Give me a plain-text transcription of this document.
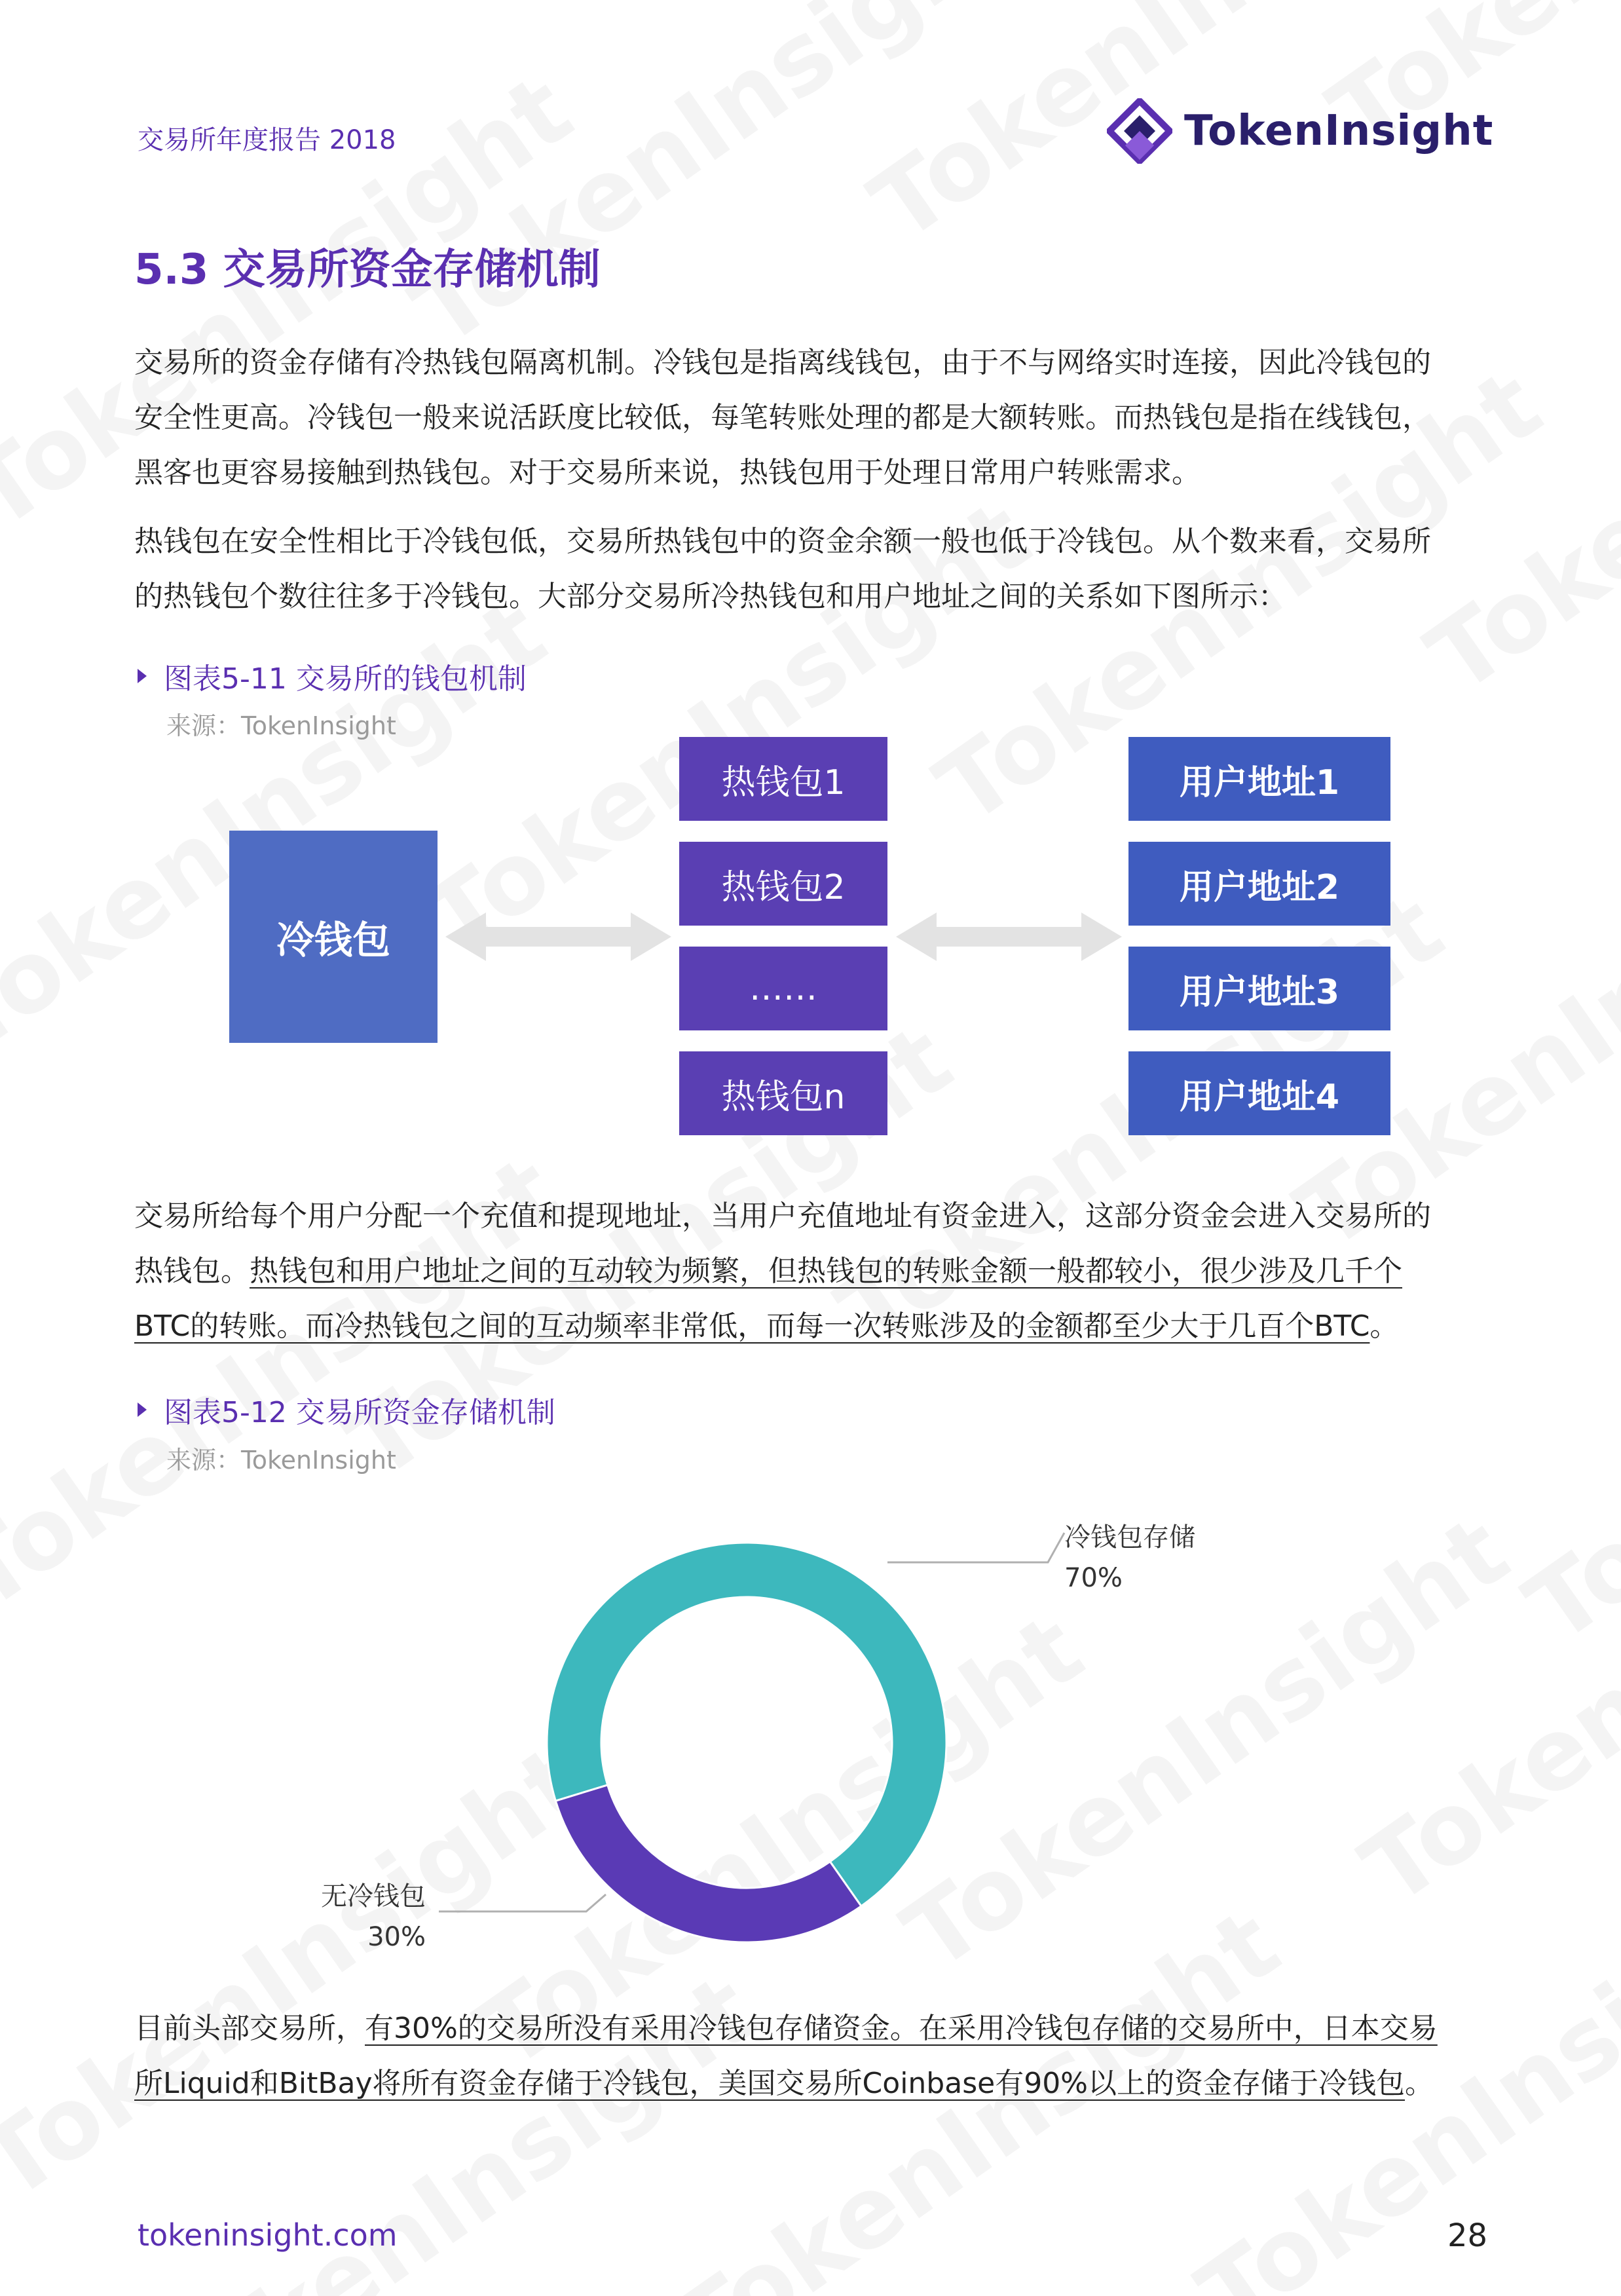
交易所年度报告 2018	TokenInsight
5.3 交易所资金存储机制

交易所的资金存储有冷热钱包隔离机制。冷钱包是指离线钱包，由于不与网络实时连接，因此冷钱包的

安全性更高。冷钱包一般来说活跃度比较低，每笔转账处理的都是大额转账。而热钱包是指在线钱包，

黑客也更容易接触到热钱包。对于交易所来说，热钱包用于处理日常用户转账需求。

热钱包在安全性相比于冷钱包低，交易所热钱包中的资金余额一般也低于冷钱包。从个数来看，交易所

的热钱包个数往往多于冷钱包。大部分交易所冷热钱包和用户地址之间的关系如下图所示：

图表5-11 交易所的钱包机制
来源：TokenInsight
冷钱包
热钱包1
热钱包2
……
热钱包n
用户地址1
用户地址2
用户地址3
用户地址4

交易所给每个用户分配一个充值和提现地址，当用户充值地址有资金进入，这部分资金会进入交易所的

热钱包。热钱包和用户地址之间的互动较为频繁，但热钱包的转账金额一般都较小，很少涉及几千个

BTC的转账。而冷热钱包之间的互动频率非常低，而每一次转账涉及的金额都至少大于几百个BTC。

图表5-12 交易所资金存储机制
来源：TokenInsight
冷钱包存储
70%
无冷钱包
30%

目前头部交易所，有30%的交易所没有采用冷钱包存储资金。在采用冷钱包存储的交易所中，日本交易

所Liquid和BitBay将所有资金存储于冷钱包，美国交易所Coinbase有90%以上的资金存储于冷钱包。

tokeninsight.com	28
